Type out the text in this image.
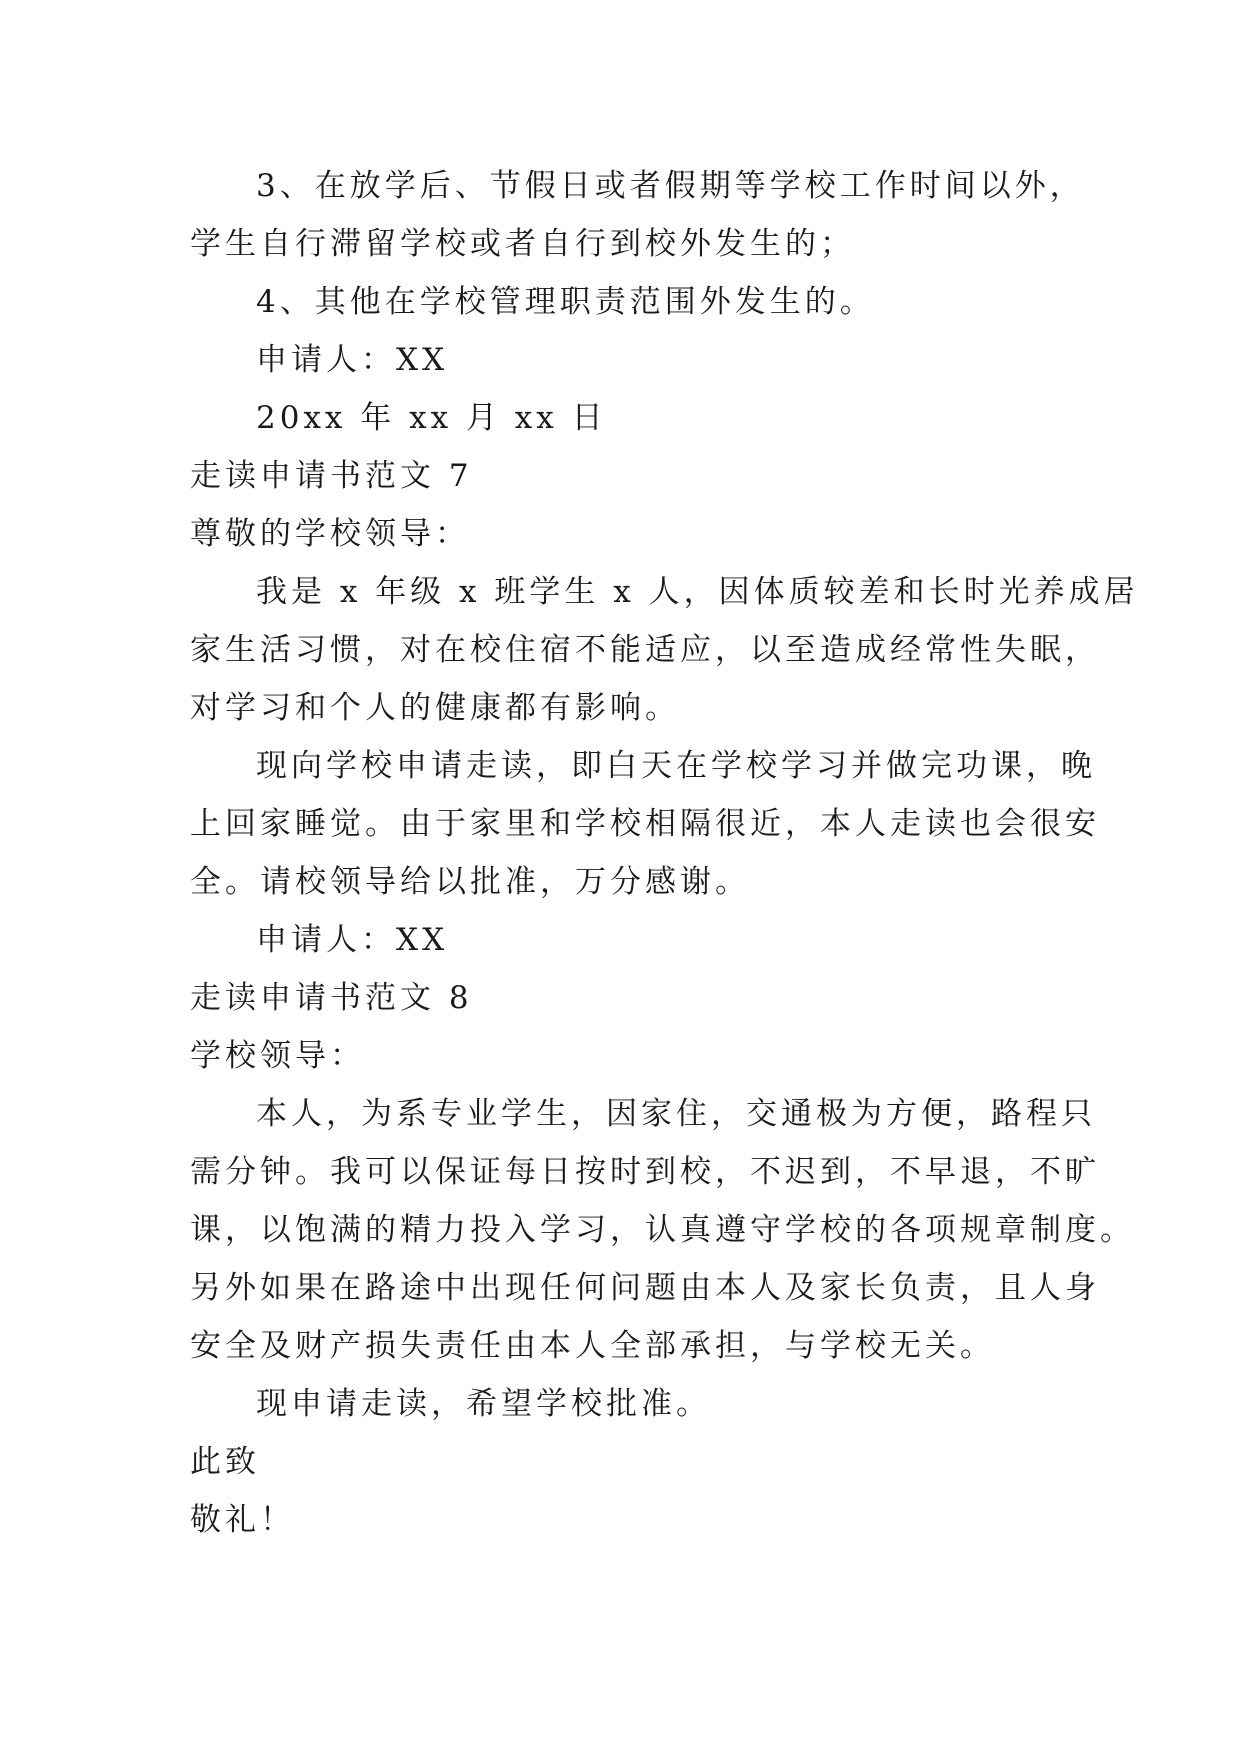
3、在放学后、节假日或者假期等学校工作时间以外，
学生自行滞留学校或者自行到校外发生的；
4、其他在学校管理职责范围外发生的。
申请人：XX
20xx 年 xx 月 xx 日
走读申请书范文 7
尊敬的学校领导：
我是 x 年级 x 班学生 x 人，因体质较差和长时光养成居
家生活习惯，对在校住宿不能适应，以至造成经常性失眠，
对学习和个人的健康都有影响。
现向学校申请走读，即白天在学校学习并做完功课，晚
上回家睡觉。由于家里和学校相隔很近，本人走读也会很安
全。请校领导给以批准，万分感谢。
申请人：XX
走读申请书范文 8
学校领导：
本人，为系专业学生，因家住，交通极为方便，路程只
需分钟。我可以保证每日按时到校，不迟到，不早退，不旷
课，以饱满的精力投入学习，认真遵守学校的各项规章制度。
另外如果在路途中出现任何问题由本人及家长负责，且人身
安全及财产损失责任由本人全部承担，与学校无关。
现申请走读，希望学校批准。
此致
敬礼！
